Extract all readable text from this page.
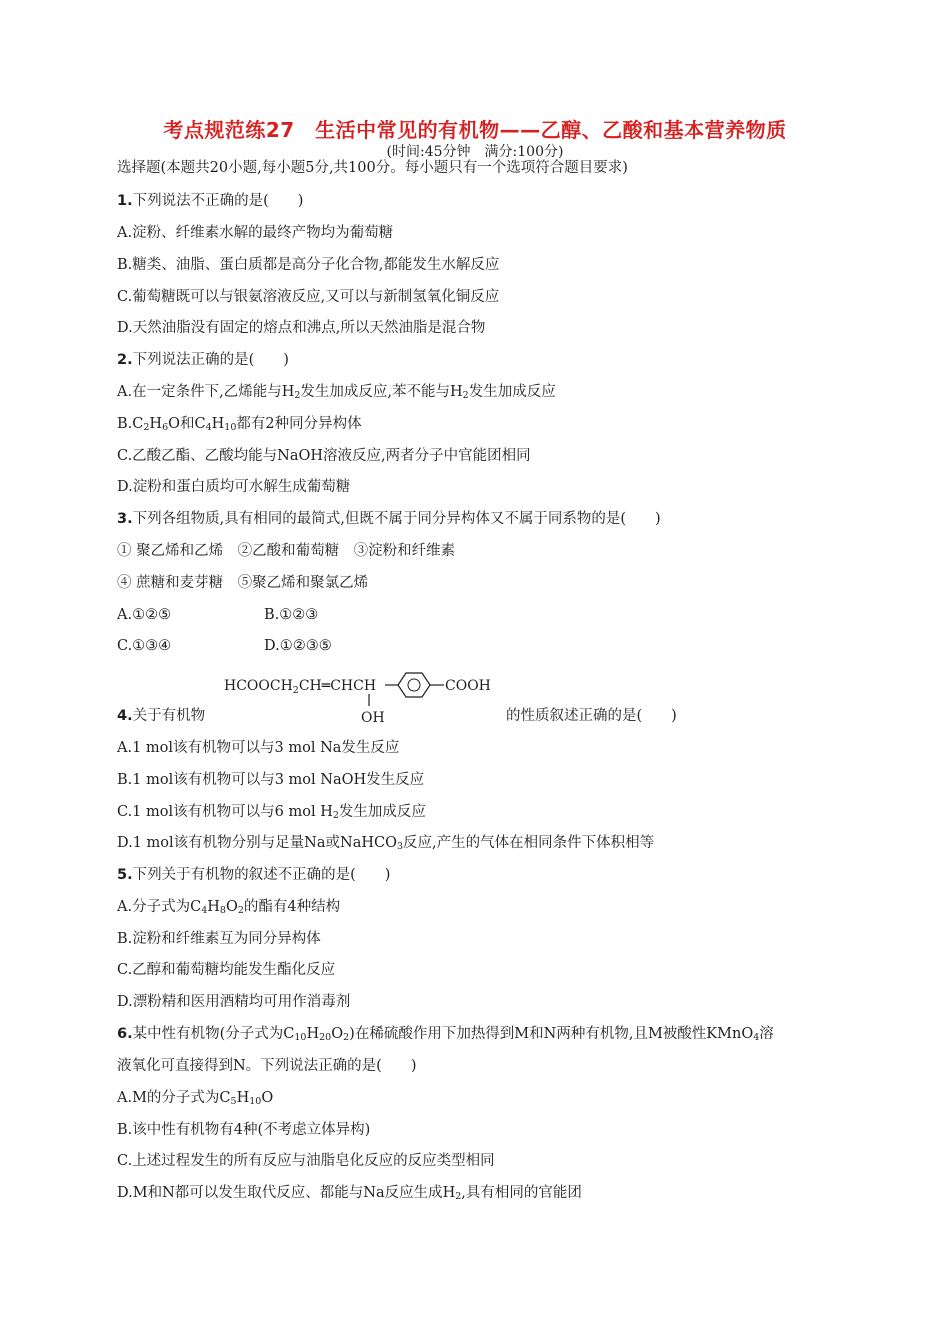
考点规范练27　生活中常见的有机物——乙醇、乙酸和基本营养物质
(时间:45分钟　满分:100分)
选择题(本题共20小题,每小题5分,共100分。每小题只有一个选项符合题目要求)
1.下列说法不正确的是(　　)
A.淀粉、纤维素水解的最终产物均为葡萄糖
B.糖类、油脂、蛋白质都是高分子化合物,都能发生水解反应
C.葡萄糖既可以与银氨溶液反应,又可以与新制氢氧化铜反应
D.天然油脂没有固定的熔点和沸点,所以天然油脂是混合物
2.下列说法正确的是(　　)
A.在一定条件下,乙烯能与$H_2$发生加成反应,苯不能与$H_2$发生加成反应
$B.C_2H_6O$和$C_4H_{10}$都有2种同分异构体
C.乙酸乙酯、乙酸均能与NaOH溶液反应,两者分子中官能团相同
D.淀粉和蛋白质均可水解生成葡萄糖
3.下列各组物质,具有相同的最简式,但既不属于同分异构体又不属于同系物的是(　　)
① 聚乙烯和乙烯　②乙酸和葡萄糖　③淀粉和纤维素
④ 蔗糖和麦芽糖　⑤聚乙烯和聚氯乙烯
A.①②⑤	B.①②③
C.①③④	D.①②③⑤
$HCOOCH_2CH═CHCH$	COOH
OH
4.关于有机物	的性质叙述正确的是(　　)
A.1 mol该有机物可以与3 mol Na发生反应
B.1 mol该有机物可以与3 mol NaOH发生反应
C.1 mol该有机物可以与6 mol $H_2$发生加成反应
D.1 mol该有机物分别与足量Na或NaHCO$_3$反应,产生的气体在相同条件下体积相等
5.下列关于有机物的叙述不正确的是(　　)
A.分子式为$C_4H_8O_2$的酯有4种结构
B.淀粉和纤维素互为同分异构体
C.乙醇和葡萄糖均能发生酯化反应
D.漂粉精和医用酒精均可用作消毒剂
6.某中性有机物(分子式为$C_{10}H_{20}O_2$)在稀硫酸作用下加热得到M和N两种有机物,且M被酸性KMnO$_4$溶
液氧化可直接得到N。下列说法正确的是(　　)
A.M的分子式为$C_5H_{10}O$
B.该中性有机物有4种(不考虑立体异构)
C.上述过程发生的所有反应与油脂皂化反应的反应类型相同
D.M和N都可以发生取代反应、都能与Na反应生成$H_2$,具有相同的官能团
